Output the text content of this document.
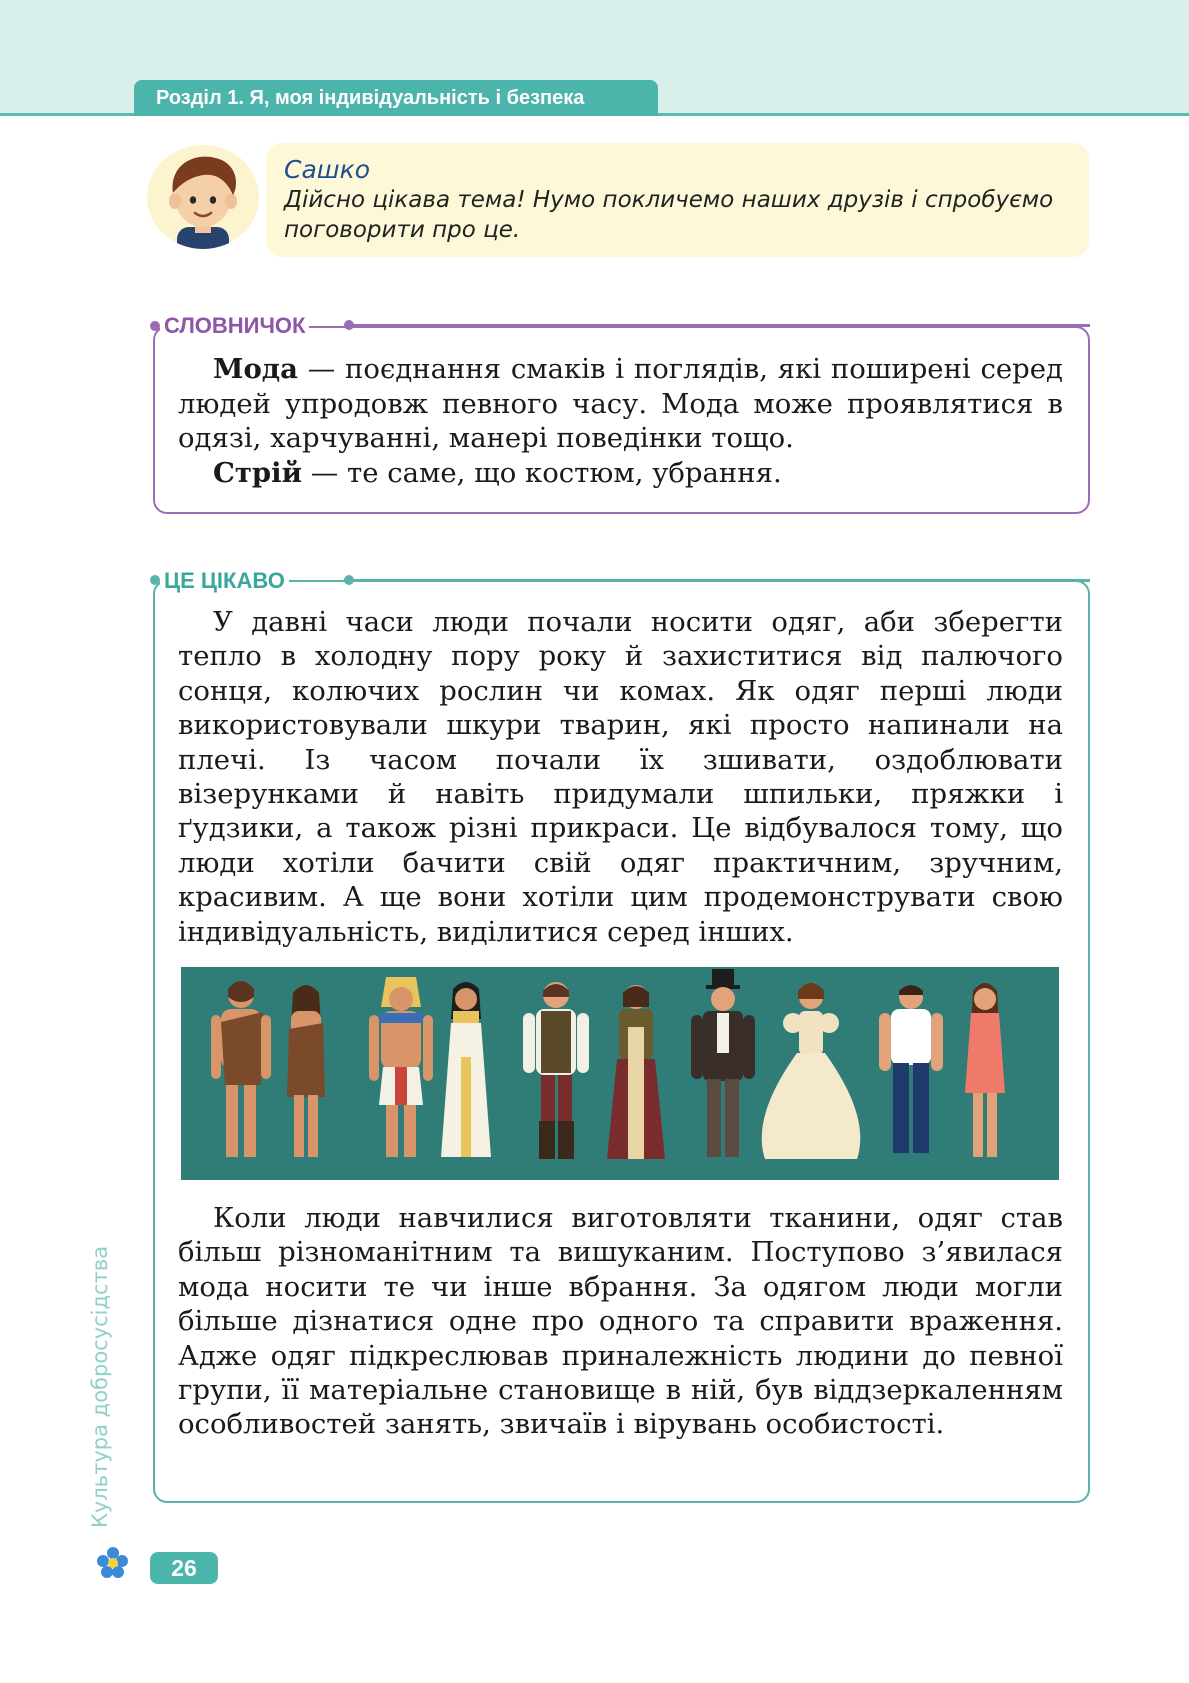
Розділ 1. Я, моя індивідуальність і безпека
Сашко
Дійсно цікава тема! Нумо покличемо наших друзів і спробуємо
поговорити про це.
СЛОВНИЧОК

Мода — поєднання смаків і поглядів, які поширені серед людей упродовж певного часу. Мода може проявлятися в одязі, харчуванні, манері поведінки тощо.

Стрій — те саме, що костюм, убрання.

ЦЕ ЦІКАВО

У давні часи люди почали носити одяг, аби зберегти тепло в холодну пору року й захиститися від палючого сонця, колючих рослин чи комах. Як одяг перші люди використовували шкури тварин, які просто напинали на плечі. Із часом почали їх зшивати, оздоблювати візерунками й навіть придумали шпильки, пряжки і ґудзики, а також різні прикраси. Це відбувалося тому, що люди хотіли бачити свій одяг практичним, зручним, красивим. А ще вони хотіли цим продемонструвати свою індивідуальність, виділитися серед інших.

Коли люди навчилися виготовляти тканини, одяг став більш різноманітним та вишуканим. Поступово з’явилася мода носити те чи інше вбрання. За одягом люди могли більше дізнатися одне про одного та справити враження. Адже одяг підкреслював приналежність людини до певної групи, її матеріальне становище в ній, був віддзеркаленням особливостей занять, звичаїв і вірувань особистості.

Культура добросусідства
26
